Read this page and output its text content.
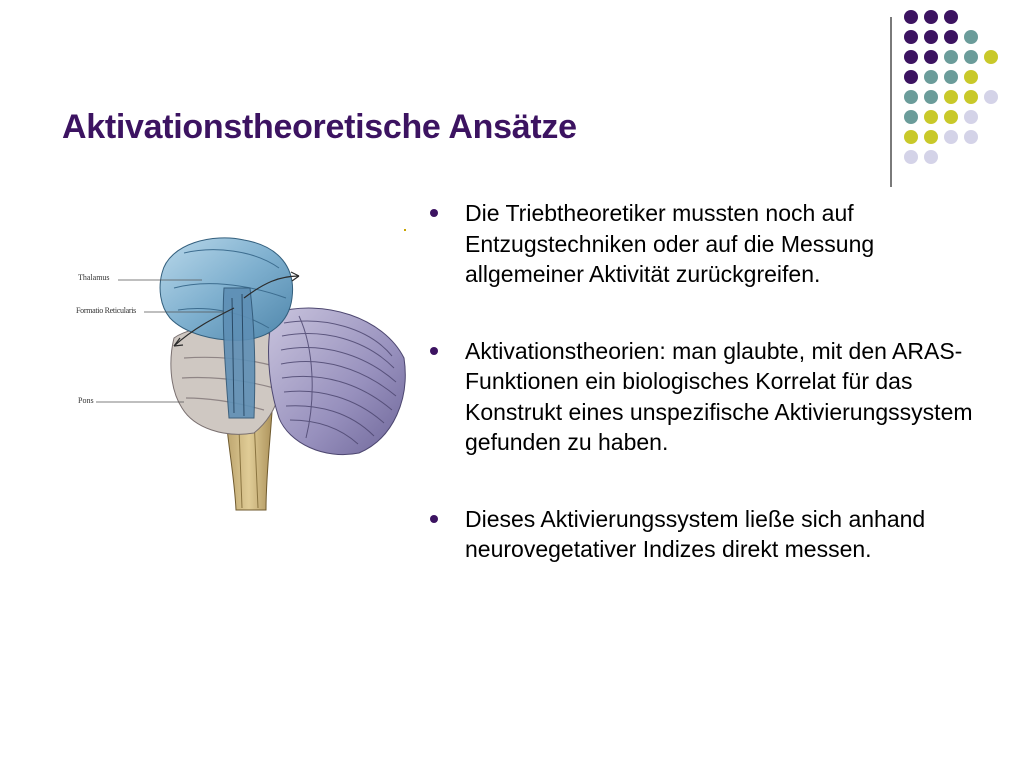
Aktivationstheoretische Ansätze
Thalamus
Formatio Reticularis
Pons
Die Triebtheoretiker mussten noch auf Entzugstechniken oder auf die Messung allgemeiner Aktivität zurückgreifen.
Aktivationstheorien: man glaubte, mit den ARAS-Funktionen ein biologisches Korrelat für das Konstrukt eines unspezifische Aktivierungssystem gefunden zu haben.
Dieses Aktivierungssystem ließe sich anhand neurovegetativer Indizes direkt messen.
